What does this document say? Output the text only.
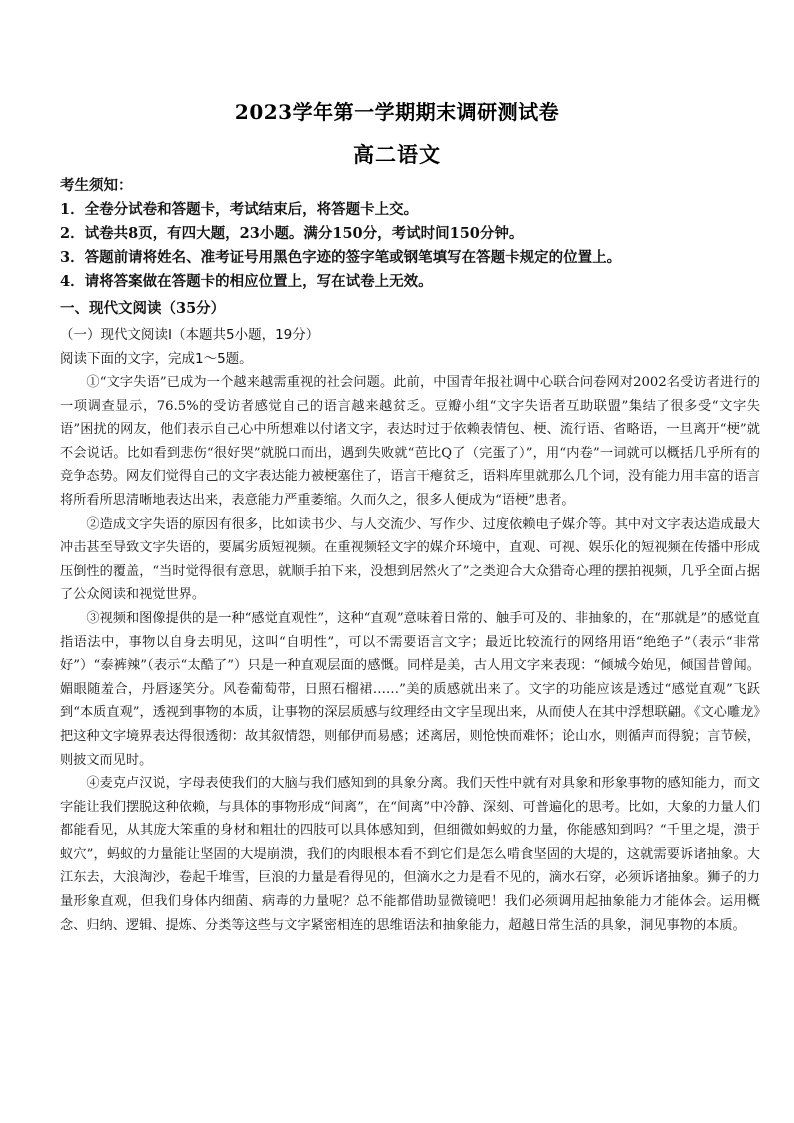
2023学年第一学期期末调研测试卷
高二语文
考生须知：
1．全卷分试卷和答题卡，考试结束后，将答题卡上交。
2．试卷共8页，有四大题，23小题。满分150分，考试时间150分钟。
3．答题前请将姓名、准考证号用黑色字迹的签字笔或钢笔填写在答题卡规定的位置上。
4．请将答案做在答题卡的相应位置上，写在试卷上无效。
一、现代文阅读（35分）
（一）现代文阅读Ⅰ（本题共5小题，19分）
阅读下面的文字，完成1～5题。

①“文字失语”已成为一个越来越需重视的社会问题。此前，中国青年报社调中心联合问卷网对2002名受访者进行的一项调查显示，76.5%的受访者感觉自己的语言越来越贫乏。豆瓣小组“文字失语者互助联盟”集结了很多受“文字失语”困扰的网友，他们表示自己心中所想难以付诸文字，表达时过于依赖表情包、梗、流行语、省略语，一旦离开“梗”就不会说话。比如看到悲伤“很好哭”就脱口而出，遇到失败就“芭比Q了（完蛋了）”，用“内卷”一词就可以概括几乎所有的竞争态势。网友们觉得自己的文字表达能力被梗塞住了，语言干瘪贫乏，语料库里就那么几个词，没有能力用丰富的语言将所看所思清晰地表达出来，表意能力严重萎缩。久而久之，很多人便成为“语梗”患者。

②造成文字失语的原因有很多，比如读书少、与人交流少、写作少、过度依赖电子媒介等。其中对文字表达造成最大冲击甚至导致文字失语的，要属劣质短视频。在重视频轻文字的媒介环境中，直观、可视、娱乐化的短视频在传播中形成压倒性的覆盖，“当时觉得很有意思，就顺手拍下来，没想到居然火了”之类迎合大众猎奇心理的摆拍视频，几乎全面占据了公众阅读和视觉世界。

③视频和图像提供的是一种“感觉直观性”，这种“直观”意味着日常的、触手可及的、非抽象的，在“那就是”的感觉直指语法中，事物以自身去明见，这叫“自明性”，可以不需要语言文字；最近比较流行的网络用语“绝绝子”（表示“非常好”）“泰裤辣”（表示“太酷了”）只是一种直观层面的感慨。同样是美，古人用文字来表现：“倾城今始见，倾国昔曾闻。媚眼随羞合，丹唇逐笑分。风卷葡萄带，日照石榴裙……”美的质感就出来了。文字的功能应该是透过“感觉直观”飞跃到“本质直观”，透视到事物的本质，让事物的深层质感与纹理经由文字呈现出来，从而使人在其中浮想联翩。《文心雕龙》把这种文字境界表达得很透彻：故其叙情怨，则郁伊而易感；述离居，则怆怏而难怀；论山水，则循声而得貌；言节候，则披文而见时。

④麦克卢汉说，字母表使我们的大脑与我们感知到的具象分离。我们天性中就有对具象和形象事物的感知能力，而文字能让我们摆脱这种依赖，与具体的事物形成“间离”，在“间离”中冷静、深刻、可普遍化的思考。比如，大象的力量人们都能看见，从其庞大笨重的身材和粗壮的四肢可以具体感知到，但细微如蚂蚁的力量，你能感知到吗？“千里之堤，溃于蚁穴”，蚂蚁的力量能让坚固的大堤崩溃，我们的肉眼根本看不到它们是怎么啃食坚固的大堤的，这就需要诉诸抽象。大江东去，大浪淘沙，卷起千堆雪，巨浪的力量是看得见的，但滴水之力是看不见的，滴水石穿，必须诉诸抽象。狮子的力量形象直观，但我们身体内细菌、病毒的力量呢？总不能都借助显微镜吧！我们必须调用起抽象能力才能体会。运用概念、归纳、逻辑、提炼、分类等这些与文字紧密相连的思维语法和抽象能力，超越日常生活的具象，洞见事物的本质。
